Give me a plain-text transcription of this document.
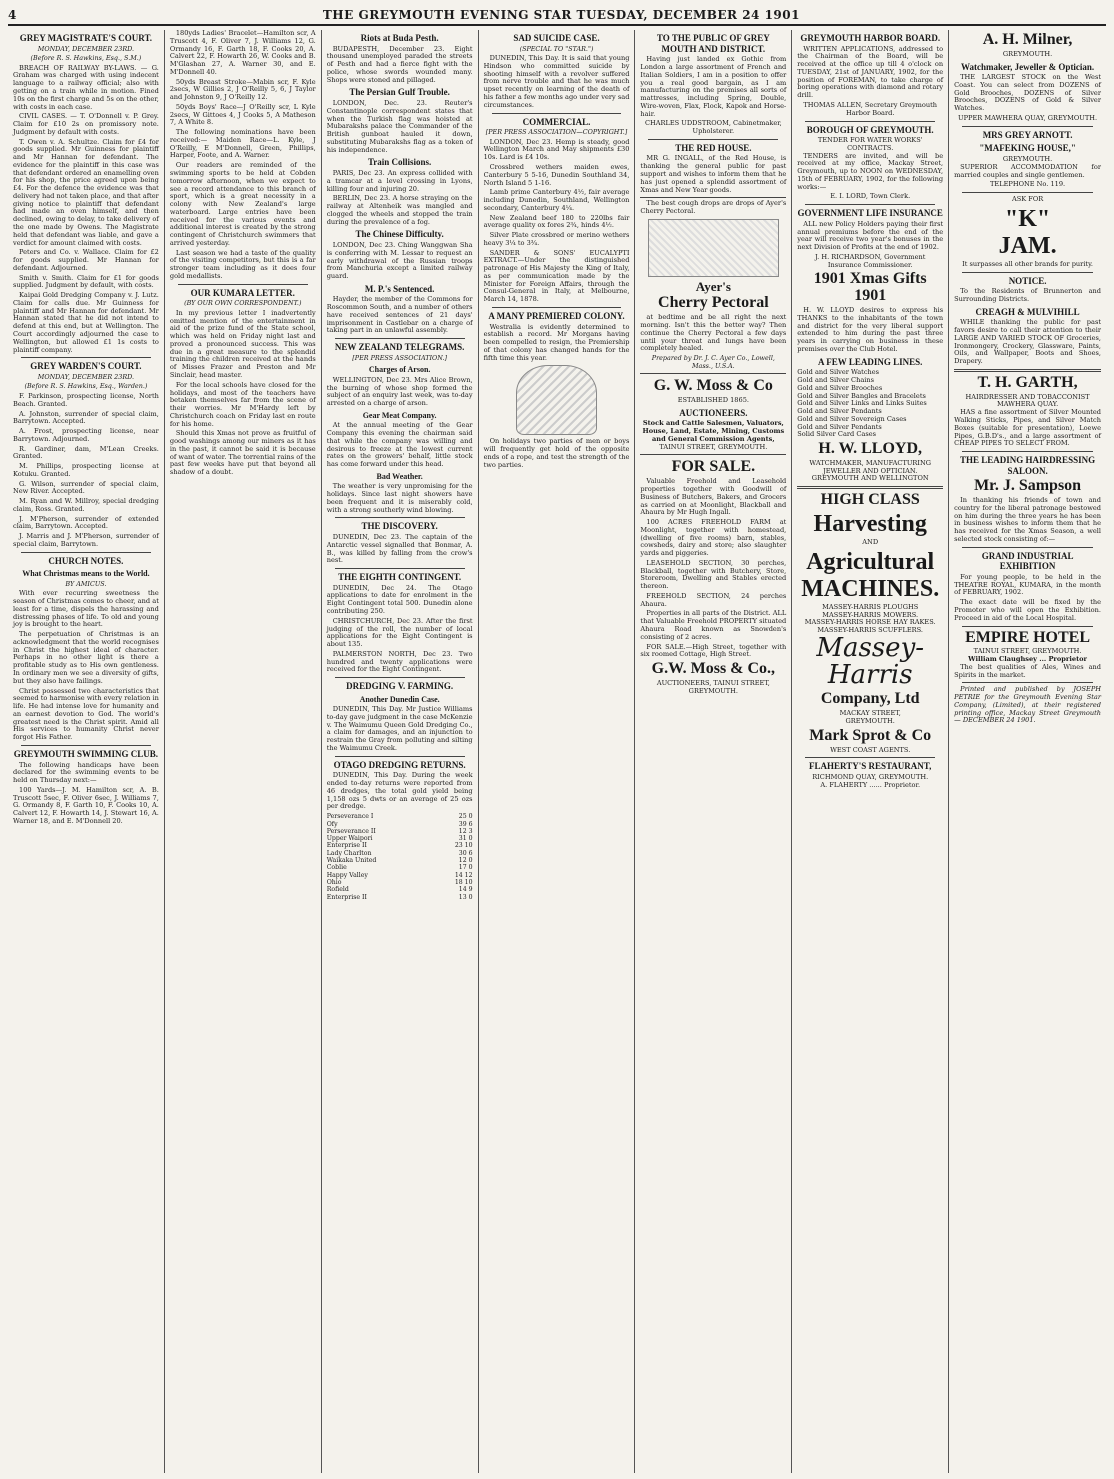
4	THE GREYMOUTH EVENING STAR TUESDAY, DECEMBER 24 1901
GREY MAGISTRATE'S COURT.
MONDAY, DECEMBER 23RD.
(Before R. S. Hawkins, Esq., S.M.)

BREACH OF RAILWAY BY-LAWS. — G. Graham was charged with using indecent language to a railway official; also with getting on a train while in motion. Fined 10s on the first charge and 5s on the other, with costs in each case.

CIVIL CASES. — T. O'Donnell v. P. Grey. Claim for £10 2s on promissory note. Judgment by default with costs.

T. Owen v. A. Schultze. Claim for £4 for goods supplied. Mr Guinness for plaintiff and Mr Hannan for defendant. The evidence for the plaintiff in this case was that defendant ordered an enamelling oven for his shop, the price agreed upon being £4. For the defence the evidence was that delivery had not taken place, and that after giving notice to plaintiff that defendant had made an oven himself, and then declined, owing to delay, to take delivery of the one made by Owens. The Magistrate held that defendant was liable, and gave a verdict for amount claimed with costs.

Peters and Co. v. Wallace. Claim for £2 for goods supplied. Mr Hannan for defendant. Adjourned.

Smith v. Smith. Claim for £1 for goods supplied. Judgment by default, with costs.

Kaipai Gold Dredging Company v. J. Lutz. Claim for calls due. Mr Guinness for plaintiff and Mr Hannan for defendant. Mr Hannan stated that he did not intend to defend at this end, but at Wellington. The Court accordingly adjourned the case to Wellington, but allowed £1 1s costs to plaintiff company.

GREY WARDEN'S COURT.
MONDAY, DECEMBER 23RD.
(Before R. S. Hawkins, Esq., Warden.)

F. Parkinson, prospecting license, North Beach. Granted.

A. Johnston, surrender of special claim, Barrytown. Accepted.

A. Frost, prospecting license, near Barrytown. Adjourned.

R. Gardiner, dam, M'Lean Creeks. Granted.

M. Phillips, prospecting license at Kotuku. Granted.

G. Wilson, surrender of special claim, New River. Accepted.

M. Ryan and W. Millroy, special dredging claim, Ross. Granted.

J. M'Pherson, surrender of extended claim, Barrytown. Accepted.

J. Marris and J. M'Pherson, surrender of special claim, Barrytown.

CHURCH NOTES.
What Christmas means to the World.
BY AMICUS.

With ever recurring sweetness the season of Christmas comes to cheer, and at least for a time, dispels the harassing and distressing phases of life. To old and young joy is brought to the heart.

The perpetuation of Christmas is an acknowledgment that the world recognises in Christ the highest ideal of character. Perhaps in no other light is there a profitable study as to His own gentleness. In ordinary men we see a diversity of gifts, but they also have failings.

Christ possessed two characteristics that seemed to harmonise with every relation in life. He had intense love for humanity and an earnest devotion to God. The world's greatest need is the Christ spirit. Amid all His services to humanity Christ never forgot His Father.

GREYMOUTH SWIMMING CLUB.

The following handicaps have been declared for the swimming events to be held on Thursday next:—

100 Yards—J. M. Hamilton scr, A. B. Truscott 5sec, F. Oliver 6sec, J. Williams 7, G. Ormandy 8, F. Garth 10, F. Cooks 10, A. Calvert 12, F. Howarth 14, J. Stewart 16, A. Warner 18, and E. M'Donnell 20.

180yds Ladies' Bracelet—Hamilton scr, A Truscott 4, F. Oliver 7, J. Williams 12, G. Ormandy 16, F. Garth 18, F. Cooks 20, A. Calvert 22, F. Howarth 26, W. Cooks and B. M'Glashan 27, A. Warner 30, and E. M'Donnell 40.

50yds Breast Stroke—Mabin scr, F. Kyle 2secs, W Gillies 2, J O'Reilly 5, 6, J Taylor and Johnston 9, J O'Reilly 12.

50yds Boys' Race—J O'Reilly scr, L Kyle 2secs, W Gittoes 4, J Cooks 5, A Matheson 7, A White 8.

The following nominations have been received:— Maiden Race—L. Kyle, J O'Reilly, E M'Donnell, Green, Phillips, Harper, Foote, and A. Warner.

Our readers are reminded of the swimming sports to be held at Cobden tomorrow afternoon, when we expect to see a record attendance to this branch of sport, which is a great necessity in a colony with New Zealand's large waterboard. Large entries have been received for the various events and additional interest is created by the strong contingent of Christchurch swimmers that arrived yesterday.

Last season we had a taste of the quality of the visiting competitors, but this is a far stronger team including as it does four gold medallists.

OUR KUMARA LETTER.
(BY OUR OWN CORRESPONDENT.)

In my previous letter I inadvertently omitted mention of the entertainment in aid of the prize fund of the State school, which was held on Friday night last and proved a pronounced success. This was due in a great measure to the splendid training the children received at the hands of Misses Frazer and Preston and Mr Sinclair, head master.

For the local schools have closed for the holidays, and most of the teachers have betaken themselves far from the scene of their worries. Mr M'Hardy left by Christchurch coach on Friday last en route for his home.

Should this Xmas not prove as fruitful of good washings among our miners as it has in the past, it cannot be said it is because of want of water. The torrential rains of the past few weeks have put that beyond all shadow of a doubt.

Riots at Buda Pesth.

BUDAPESTH, December 23. Eight thousand unemployed paraded the streets of Pesth and had a fierce fight with the police, whose swords wounded many. Shops were stoned and pillaged.

The Persian Gulf Trouble.

LONDON, Dec. 23. Reuter's Constantinople correspondent states that when the Turkish flag was hoisted at Mubarakshs palace the Commander of the British gunboat hauled it down, substituting Mubarakshs flag as a token of his independence.

Train Collisions.

PARIS, Dec 23. An express collided with a tramcar at a level crossing in Lyons, killing four and injuring 20.

BERLIN, Dec 23. A horse straying on the railway at Altenheik was mangled and clogged the wheels and stopped the train during the prevalence of a fog.

The Chinese Difficulty.

LONDON, Dec 23. Ching Wanggwan Sha is conferring with M. Lessar to request an early withdrawal of the Russian troops from Manchuria except a limited railway guard.

M. P.'s Sentenced.

Hayder, the member of the Commons for Roscommon South, and a number of others have received sentences of 21 days' imprisonment in Castlebar on a charge of taking part in an unlawful assembly.

NEW ZEALAND TELEGRAMS.
[PER PRESS ASSOCIATION.]
Charges of Arson.

WELLINGTON, Dec 23. Mrs Alice Brown, the burning of whose shop formed the subject of an enquiry last week, was to-day arrested on a charge of arson.

Gear Meat Company.

At the annual meeting of the Gear Company this evening the chairman said that while the company was willing and desirous to freeze at the lowest current rates on the growers' behalf, little stock has come forward under this head.

Bad Weather.

The weather is very unpromising for the holidays. Since last night showers have been frequent and it is miserably cold, with a strong southerly wind blowing.

THE DISCOVERY.

DUNEDIN, Dec 23. The captain of the Antarctic vessel signalled that Bonmar, A. B., was killed by falling from the crow's nest.

THE EIGHTH CONTINGENT.

DUNEDIN, Dec 24. The Otago applications to date for enrolment in the Eight Contingent total 500. Dunedin alone contributing 250.

CHRISTCHURCH, Dec 23. After the first judging of the roll, the number of local applications for the Eight Contingent is about 135.

PALMERSTON NORTH, Dec 23. Two hundred and twenty applications were received for the Eight Contingent.

DREDGING V. FARMING.
Another Dunedin Case.

DUNEDIN, This Day. Mr Justice Williams to-day gave judgment in the case McKenzie v. The Waimumu Queen Gold Dredging Co., a claim for damages, and an injunction to restrain the Gray from polluting and silting the Waimumu Creek.

OTAGO DREDGING RETURNS.

DUNEDIN, This Day. During the week ended to-day returns were reported from 46 dredges, the total gold yield being 1,158 ozs 5 dwts or an average of 25 ozs per dredge.

Perseverance I	25 0
Ofy	39 6
Perseverance II	12 3
Upper Waipori	31 0
Enterprise II	23 10
Lady Charlton	30 6
Waikaka United	12 0
Coblie	17 0
Happy Valley	14 12
Ohio	18 10
Rofield	14 9
Enterprise II	13 0
SAD SUICIDE CASE.
(SPECIAL TO "STAR.")

DUNEDIN, This Day. It is said that young Hindson who committed suicide by shooting himself with a revolver suffered from nerve trouble and that he was much upset recently on learning of the death of his father a few months ago under very sad circumstances.

COMMERCIAL.
[PER PRESS ASSOCIATION—COPYRIGHT.]

LONDON, Dec 23. Hemp is steady, good Wellington March and May shipments £30 10s. Lard is £4 10s.

Crossbred wethers maiden ewes, Canterbury 5 5-16, Dunedin Southland 34, North Island 5 1-16.

Lamb prime Canterbury 4½, fair average including Dunedin, Southland, Wellington secondary, Canterbury 4¼.

New Zealand beef 180 to 220lbs fair average quality ox fores 2¾, hinds 4½.

Silver Plate crossbred or merino wethers heavy 3¼ to 3¾.

SANDER & SONS' EUCALYPTI EXTRACT.—Under the distinguished patronage of His Majesty the King of Italy, as per communication made by the Minister for Foreign Affairs, through the Consul-General in Italy, at Melbourne, March 14, 1878.

A MANY PREMIERED COLONY.

Westralia is evidently determined to establish a record. Mr Morgans having been compelled to resign, the Premiership of that colony has changed hands for the fifth time this year.

On holidays two parties of men or boys will frequently get hold of the opposite ends of a rope, and test the strength of the two parties.

TO THE PUBLIC OF GREY MOUTH AND DISTRICT.

Having just landed ex Gothic from London a large assortment of French and Italian Soldiers, I am in a position to offer you a real good bargain, as I am manufacturing on the premises all sorts of mattresses, including Spring, Double, Wire-woven, Flax, Flock, Kapok and Horse-hair.

CHARLES UDDSTROOM, Cabinetmaker, Upholsterer.
THE RED HOUSE.

MR G. INGALL, of the Red House, is thanking the general public for past support and wishes to inform them that he has just opened a splendid assortment of Xmas and New Year goods.

The best cough drops are drops of Ayer's Cherry Pectoral.

Ayer's
Cherry Pectoral

at bedtime and be all right the next morning. Isn't this the better way? Then continue the Cherry Pectoral a few days until your throat and lungs have been completely healed.

Prepared by Dr. J. C. Ayer Co., Lowell, Mass., U.S.A.
G. W. Moss & Co
ESTABLISHED 1865.
AUCTIONEERS.
Stock and Cattle Salesmen, Valuators, House, Land, Estate, Mining, Customs and General Commission Agents,
TAINUI STREET, GREYMOUTH.
FOR SALE.

Valuable Freehold and Leasehold properties together with Goodwill of Business of Butchers, Bakers, and Grocers as carried on at Moonlight, Blackball and Ahaura by Mr Hugh Ingall.

100 ACRES FREEHOLD FARM at Moonlight, together with homestead, (dwelling of five rooms) barn, stables, cowsheds, dairy and store; also slaughter yards and piggeries.

LEASEHOLD SECTION, 30 perches, Blackball, together with Butchery, Store, Storeroom, Dwelling and Stables erected thereon.

FREEHOLD SECTION, 24 perches Ahaura.

Properties in all parts of the District. ALL that Valuable Freehold PROPERTY situated Ahaura Road known as Snowden's consisting of 2 acres.

FOR SALE.—High Street, together with six roomed Cottage, High Street.

G.W. Moss & Co.,
AUCTIONEERS, TAINUI STREET, GREYMOUTH.
GREYMOUTH HARBOR BOARD.

WRITTEN APPLICATIONS, addressed to the Chairman of the Board, will be received at the office up till 4 o'clock on TUESDAY, 21st of JANUARY, 1902, for the position of FOREMAN, to take charge of boring operations with diamond and rotary drill.

THOMAS ALLEN, Secretary Greymouth Harbor Board.
BOROUGH OF GREYMOUTH.
TENDER FOR WATER WORKS' CONTRACTS.

TENDERS are invited, and will be received at my office, Mackay Street, Greymouth, up to NOON on WEDNESDAY, 15th of FEBRUARY, 1902, for the following works:—

E. I. LORD, Town Clerk.
GOVERNMENT LIFE INSURANCE

ALL new Policy Holders paying their first annual premiums before the end of the year will receive two year's bonuses in the next Division of Profits at the end of 1902.

J. H. RICHARDSON, Government Insurance Commissioner.
1901 Xmas Gifts 1901

H. W. LLOYD desires to express his THANKS to the inhabitants of the town and district for the very liberal support extended to him during the past three years in carrying on business in these premises over the Club Hotel.

A FEW LEADING LINES.
Gold and Silver Watches
Gold and Silver Chains
Gold and Silver Brooches
Gold and Silver Bangles and Bracelets
Gold and Silver Links and Links Suites
Gold and Silver Pendants
Gold and Silver Sovereign Cases
Gold and Silver Pendants
Solid Silver Card Cases
H. W. LLOYD,
WATCHMAKER, MANUFACTURING JEWELLER AND OPTICIAN.
GREYMOUTH AND WELLINGTON
HIGH CLASS
Harvesting
AND
Agricultural
MACHINES.
MASSEY-HARRIS PLOUGHS
MASSEY-HARRIS MOWERS.
MASSEY-HARRIS HORSE HAY RAKES.
MASSEY-HARRIS SCUFFLERS.
Massey-
Harris
Company, Ltd
MACKAY STREET,
GREYMOUTH.
Mark Sprot & Co
WEST COAST AGENTS.
FLAHERTY'S RESTAURANT,
RICHMOND QUAY, GREYMOUTH.
A. FLAHERTY ...... Proprietor.
A. H. Milner,
GREYMOUTH.
Watchmaker, Jeweller & Optician.

THE LARGEST STOCK on the West Coast. You can select from DOZENS of Gold Brooches, DOZENS of Silver Brooches, DOZENS of Gold & Silver Watches.

UPPER MAWHERA QUAY, GREYMOUTH.
MRS GREY ARNOTT.
"MAFEKING HOUSE,"
GREYMOUTH.

SUPERIOR ACCOMMODATION for married couples and single gentlemen.

TELEPHONE No. 119.
ASK FOR
"K"
JAM.
It surpasses all other brands for purity.
NOTICE.

To the Residents of Brunnerton and Surrounding Districts.

CREAGH & MULVIHILL

WHILE thanking the public for past favors desire to call their attention to their LARGE AND VARIED STOCK OF Groceries, Ironmongery, Crockery, Glassware, Paints, Oils, and Wallpaper, Boots and Shoes, Drapery.

T. H. GARTH,
HAIRDRESSER AND TOBACCONIST
MAWHERA QUAY.

HAS a fine assortment of Silver Mounted Walking Sticks, Pipes, and Silver Match Boxes (suitable for presentation), Loewe Pipes, G.B.D's., and a large assortment of CHEAP PIPES TO SELECT FROM.

THE LEADING HAIRDRESSING SALOON.
Mr. J. Sampson

In thanking his friends of town and country for the liberal patronage bestowed on him during the three years he has been in business wishes to inform them that he has received for the Xmas Season, a well selected stock consisting of:—

GRAND INDUSTRIAL EXHIBITION

For young people, to be held in the THEATRE ROYAL, KUMARA, in the month of FEBRUARY, 1902.

The exact date will be fixed by the Promoter who will open the Exhibition. Proceed in aid of the Local Hospital.

EMPIRE HOTEL
TAINUI STREET, GREYMOUTH.
William Claughsey ... Proprietor

The best qualities of Ales, Wines and Spirits in the market.

Printed and published by JOSEPH PETRIE for the Greymouth Evening Star Company, (Limited), at their registered printing office, Mackay Street Greymouth — DECEMBER 24 1901.
